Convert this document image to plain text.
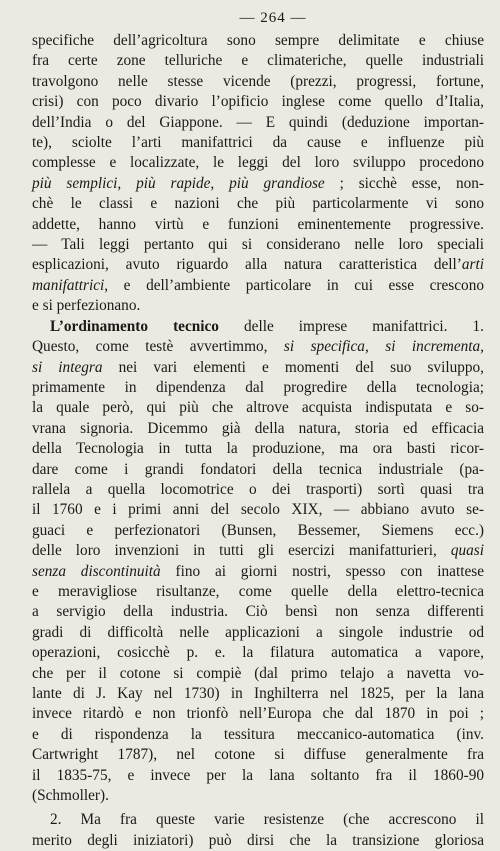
— 264 —
specifiche dell’agricoltura sono sempre delimitate e chiuse
fra certe zone telluriche e climateriche, quelle industriali
travolgono nelle stesse vicende (prezzi, progressi, fortune,
crisi) con poco divario l’opificio inglese come quello d’Italia,
dell’India o del Giappone. — E quindi (deduzione importan-
te), sciolte l’arti manifattrici da cause e influenze più
complesse e localizzate, le leggi del loro sviluppo procedono
più semplici, più rapide, più grandiose ; sicchè esse, non-
chè le classi e nazioni che più particolarmente vi sono
addette, hanno virtù e funzioni eminentemente progressive.
— Tali leggi pertanto qui si considerano nelle loro speciali
esplicazioni, avuto riguardo alla natura caratteristica dell’arti
manifattrici, e dell’ambiente particolare in cui esse crescono
e si perfezionano.
L’ordinamento tecnico delle imprese manifattrici. 1.
Questo, come testè avvertimmo, si specifica, si incrementa,
si integra nei vari elementi e momenti del suo sviluppo,
primamente in dipendenza dal progredire della tecnologia;
la quale però, qui più che altrove acquista indisputata e so-
vrana signoria. Dicemmo già della natura, storia ed efficacia
della Tecnologia in tutta la produzione, ma ora basti ricor-
dare come i grandi fondatori della tecnica industriale (pa-
rallela a quella locomotrice o dei trasporti) sortì quasi tra
il 1760 e i primi anni del secolo XIX, — abbiano avuto se-
guaci e perfezionatori (Bunsen, Bessemer, Siemens ecc.)
delle loro invenzioni in tutti gli esercizi manifatturieri, quasi
senza discontinuità fino ai giorni nostri, spesso con inattese
e meravigliose risultanze, come quelle della elettro-tecnica
a servigio della industria. Ciò bensì non senza differenti
gradi di difficoltà nelle applicazioni a singole industrie od
operazioni, cosicchè p. e. la filatura automatica a vapore,
che per il cotone si compiè (dal primo telajo a navetta vo-
lante di J. Kay nel 1730) in Inghilterra nel 1825, per la lana
invece ritardò e non trionfò nell’Europa che dal 1870 in poi ;
e di rispondenza la tessitura meccanico-automatica (inv.
Cartwright 1787), nel cotone si diffuse generalmente fra
il 1835-75, e invece per la lana soltanto fra il 1860-90
(Schmoller).
2. Ma fra queste varie resistenze (che accrescono il
merito degli iniziatori) può dirsi che la transizione gloriosa
